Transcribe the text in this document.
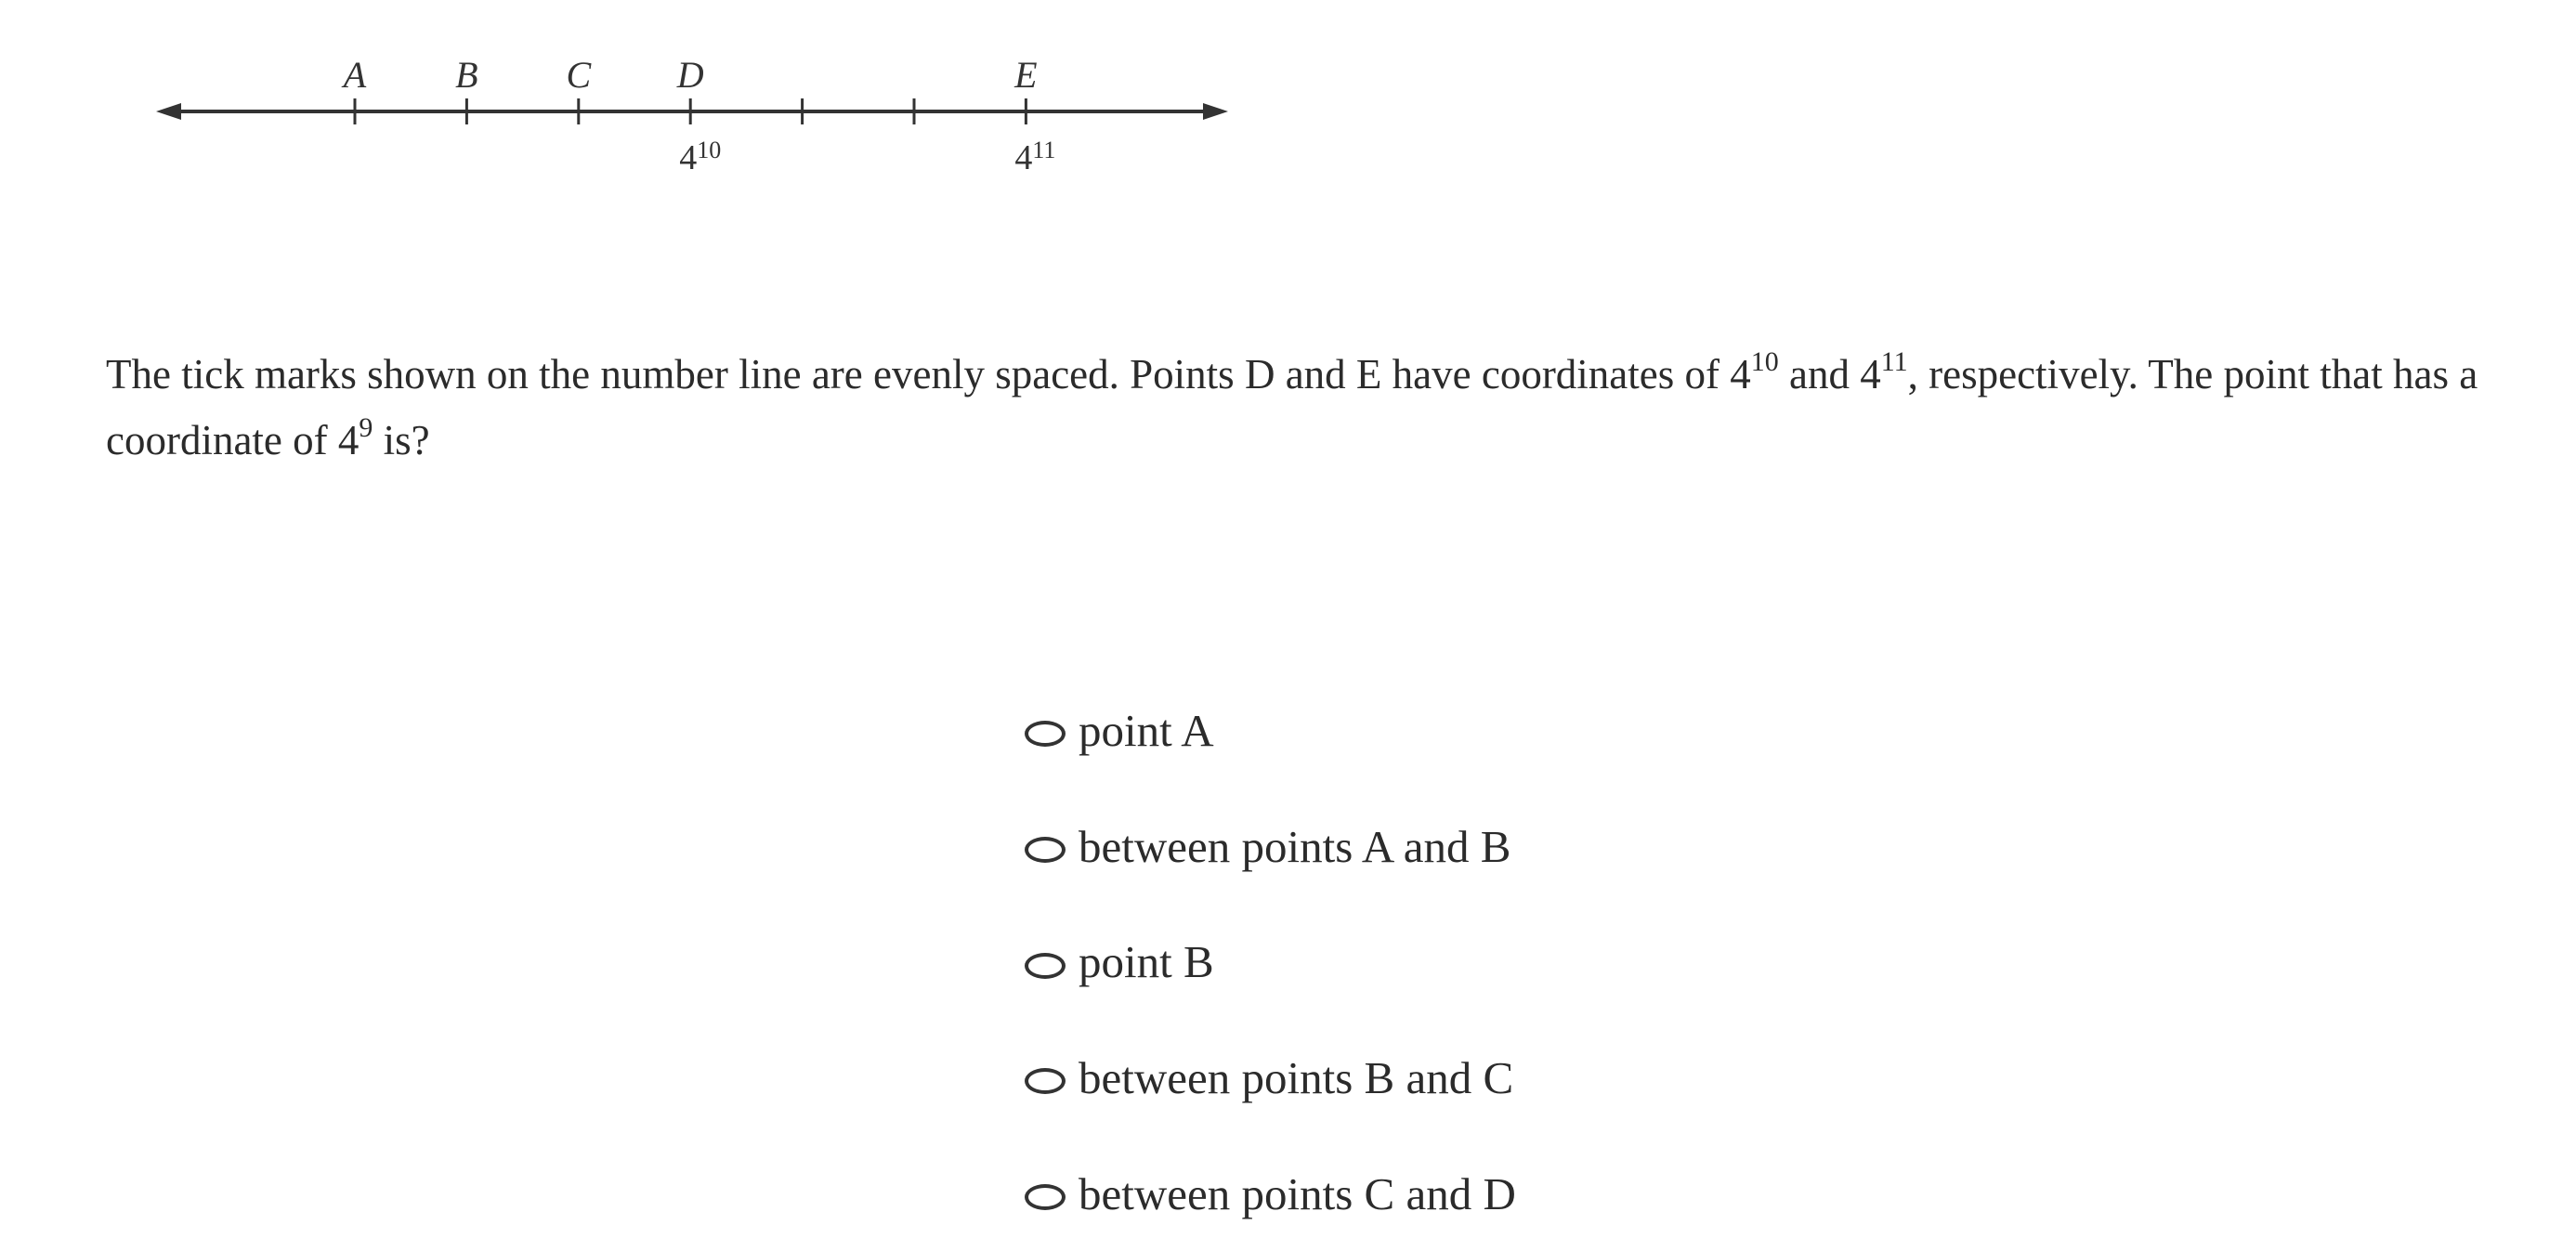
A B C D	E
$4^{10}$	$4^{11}$
The tick marks shown on the number line are evenly spaced. Points D and E have coordinates of $4^{10}$ and $4^{11}$, respectively. The point that has a coordinate of $4^9$ is?
point A
between points A and B
point B
between points B and C
between points C and D
